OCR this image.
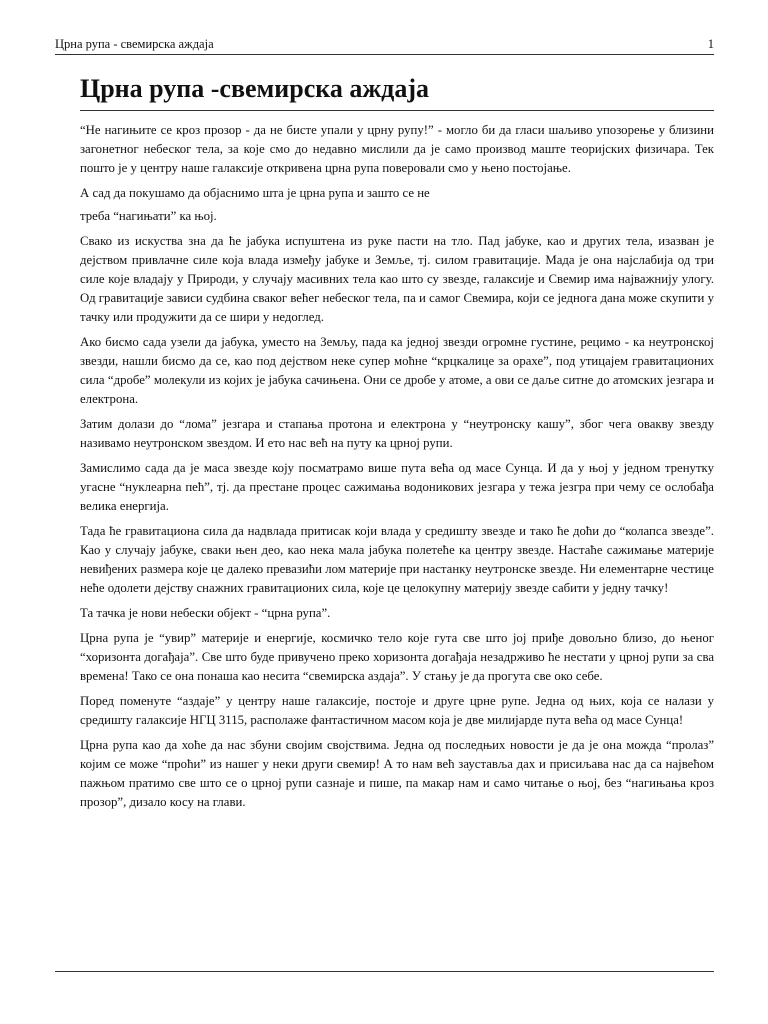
Црна рупа - свемирска аждаја	1
Црна рупа -свемирска аждаја

“Не нагињите се кроз прозор - да не бисте упали у црну рупу!” - могло би да гласи шаљиво упозорење у близини загонетног небеског тела, за које смо до недавно мислили да је само производ маште теоријских физичара. Тек пошто је у центру наше галаксије откривена црна рупа поверовали смо у њено постојање.

А сад да покушамо да објаснимо шта је црна рупа и зашто се не

треба “нагињати” ка њој.

Свако из искуства зна да ће јабука испуштена из руке пасти на тло. Пад јабуке, као и других тела, изазван је дејством привлачне силе која влада између јабуке и Земље, тј. силом гравитације. Мада је она најслабија од три силе које владају у Природи, у случају масивних тела као што су звезде, галаксије и Свемир има најважнију улогу. Од гравитације зависи судбина сваког већег небеског тела, па и самог Свемира, који се једнога дана може скупити у тачку или продужити да се шири у недоглед.

Ако бисмо сада узели да јабука, уместо на Земљу, пада ка једној звезди огромне густине, рецимо - ка неутронској звезди, нашли бисмо да се, као под дејством неке супер моћне “крцкалице за орахе”, под утицајем гравитационих сила “дробе” молекули из којих је јабука сачињена. Они се дробе у атоме, а ови се даље ситне до атомских језгара и електрона.

Затим долази до “лома” језгара и стапања протона и електрона у “неутронску кашу”, због чега овакву звезду називамо неутронском звездом. И ето нас већ на путу ка црној рупи.

Замислимо сада да је маса звезде коју посматрамо више пута већа од масе Сунца. И да у њој у једном тренутку угасне “нуклеарна пећ”, тј. да престане процес сажимања водоникових језгара у тежа језгра при чему се ослобађа велика енергија.

Тада ће гравитациона сила да надвлада притисак који влада у средишту звезде и тако ће доћи до “колапса звезде”. Као у случају јабуке, сваки њен део, као нека мала јабука полетеће ка центру звезде. Настаће сажимање материје невиђених размера које це далеко превазићи лом материје при настанку неутронске звезде. Ни елементарне честице неће одолети дејству снажних гравитационих сила, које це целокупну материју звезде сабити у једну тачку!

Та тачка је нови небески објект - “црна рупа”.

Црна рупа је “увир” материје и енергије, космичко тело које гута све што јој приђе довољно близо, до њеног “хоризонта догађаја”. Све што буде привучено преко хоризонта догађаја незадрживо ће нестати у црној рупи за сва времена! Тако се она понаша као несита “свемирска аздаја”. У стању је да прогута све око себе.

Поред поменуте “аздаје” у центру наше галаксије, постоје и друге црне рупе. Једна од њих, која се налази у средишту галаксије НГЦ 3115, располаже фантастичном масом која је две милијарде пута већа од масе Сунца!

Црна рупа као да хоће да нас збуни својим својствима. Једна од последњих новости је да је она можда “пролаз” којим се може “проћи” из нашег у неки други свемир! А то нам већ зауставља дах и присиљава нас да са највећом пажњом пратимо све што се о црној рупи сазнаје и пише, па макар нам и само читање о њој, без “нагињања кроз прозор”, дизало косу на глави.
